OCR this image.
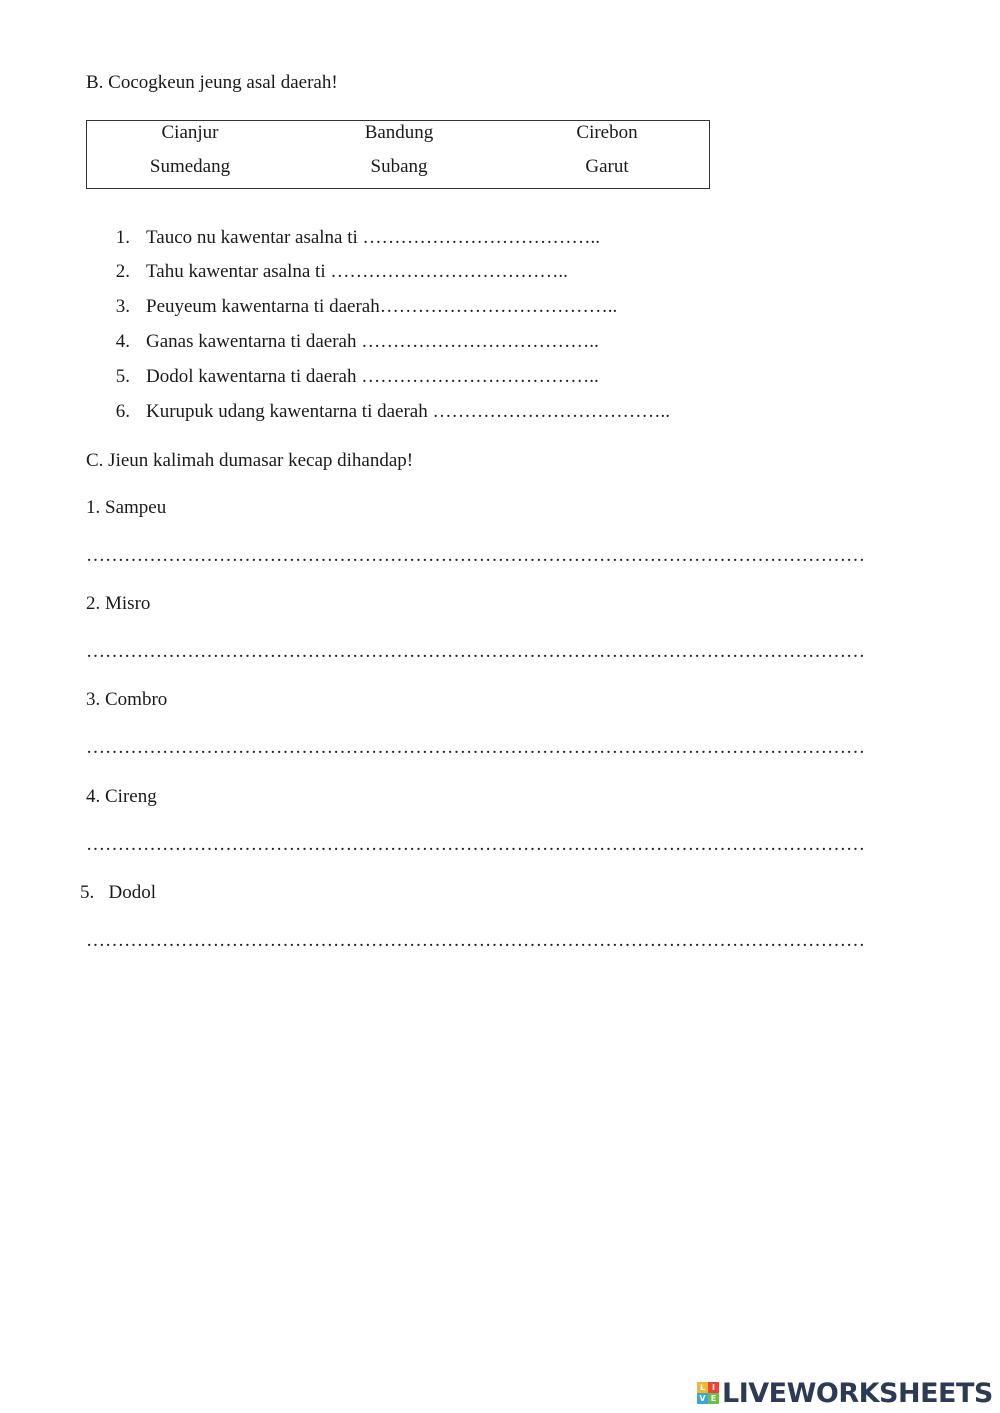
B. Cocogkeun jeung asal daerah!
Cianjur	Bandung	Cirebon
Sumedang	Subang	Garut
1. Tauco nu kawentar asalna ti ………………………………..
2. Tahu kawentar asalna ti ………………………………..
3. Peuyeum kawentarna ti daerah………………………………..
4. Ganas kawentarna ti daerah ………………………………..
5. Dodol kawentarna ti daerah ………………………………..
6. Kurupuk udang kawentarna ti daerah ………………………………..
C. Jieun kalimah dumasar kecap dihandap!
1. Sampeu
……………………………………………………………………………………………………………
2. Misro
……………………………………………………………………………………………………………
3. Combro
……………………………………………………………………………………………………………
4. Cireng
……………………………………………………………………………………………………………
5.   Dodol
……………………………………………………………………………………………………………
L I
V E LIVEWORKSHEETS
